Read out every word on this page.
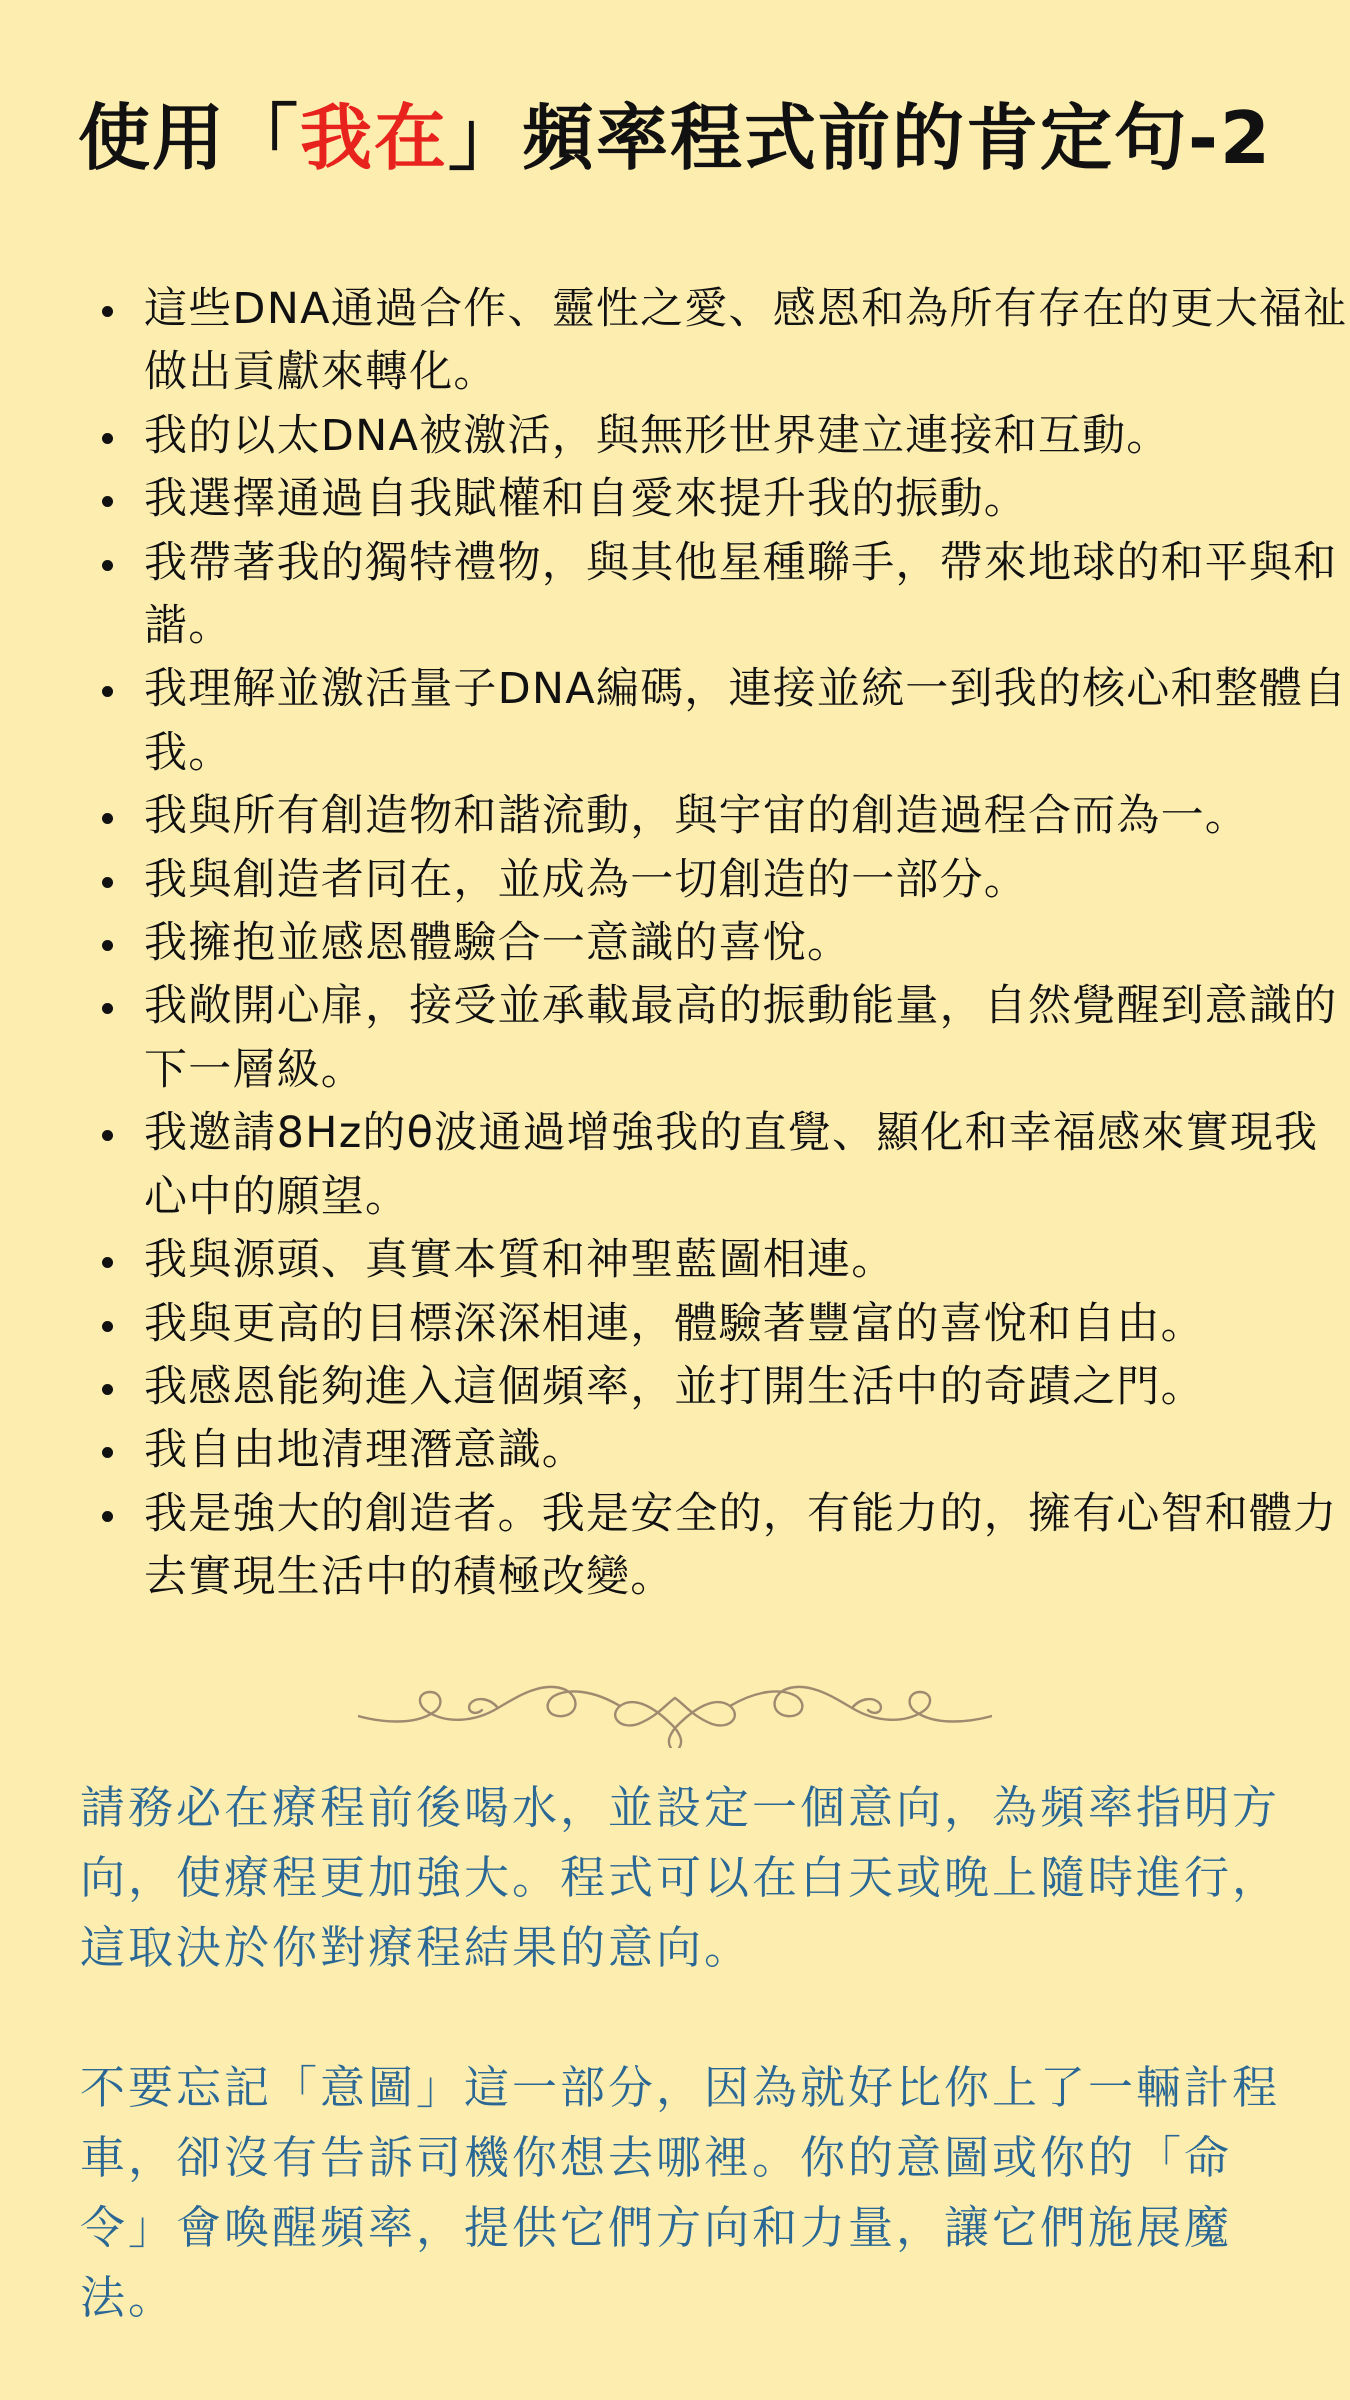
使用「我在」頻率程式前的肯定句-2
這些DNA通過合作、靈性之愛、感恩和為所有存在的更大福祉做出貢獻來轉化。
我的以太DNA被激活，與無形世界建立連接和互動。
我選擇通過自我賦權和自愛來提升我的振動。
我帶著我的獨特禮物，與其他星種聯手，帶來地球的和平與和諧。
我理解並激活量子DNA編碼，連接並統一到我的核心和整體自我。
我與所有創造物和諧流動，與宇宙的創造過程合而為一。
我與創造者同在，並成為一切創造的一部分。
我擁抱並感恩體驗合一意識的喜悅。
我敞開心扉，接受並承載最高的振動能量，自然覺醒到意識的下一層級。
我邀請8Hz的θ波通過增強我的直覺、顯化和幸福感來實現我心中的願望。
我與源頭、真實本質和神聖藍圖相連。
我與更高的目標深深相連，體驗著豐富的喜悅和自由。
我感恩能夠進入這個頻率，並打開生活中的奇蹟之門。
我自由地清理潛意識。
我是強大的創造者。我是安全的，有能力的，擁有心智和體力去實現生活中的積極改變。

請務必在療程前後喝水，並設定一個意向，為頻率指明方向，使療程更加強大。程式可以在白天或晚上隨時進行，這取決於你對療程結果的意向。

不要忘記「意圖」這一部分，因為就好比你上了一輛計程車，卻沒有告訴司機你想去哪裡。你的意圖或你的「命令」會喚醒頻率，提供它們方向和力量，讓它們施展魔法。
